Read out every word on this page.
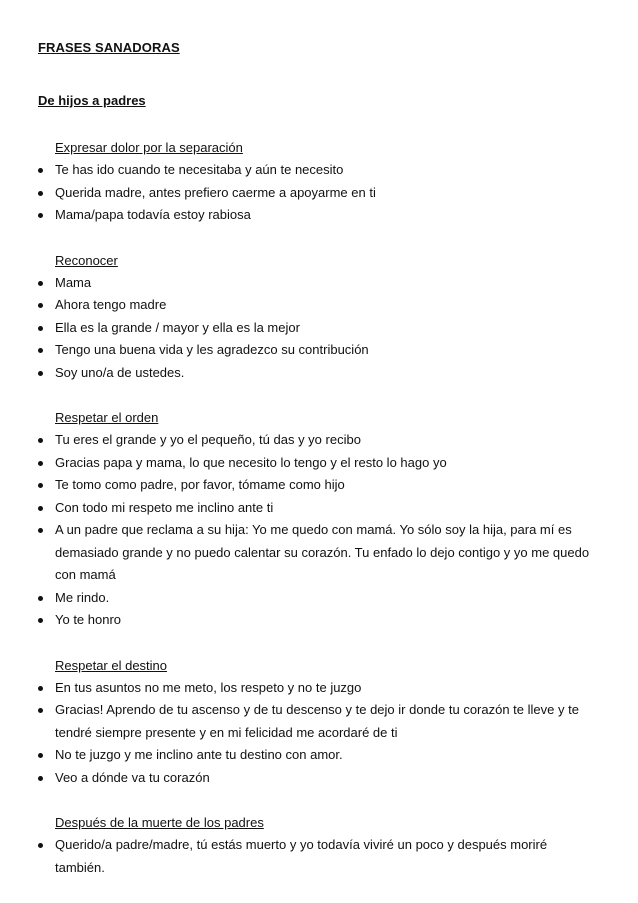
FRASES SANADORAS
De hijos a padres
Expresar dolor por la separación
Te has ido cuando te necesitaba y aún te necesito
Querida madre, antes prefiero caerme a apoyarme en ti
Mama/papa todavía estoy rabiosa
Reconocer
Mama
Ahora tengo madre
Ella es la grande / mayor y ella es la mejor
Tengo una buena vida y les agradezco su contribución
Soy uno/a de ustedes.
Respetar el orden
Tu eres el grande y yo el pequeño, tú das y yo recibo
Gracias papa y mama, lo que necesito lo tengo y el resto lo hago yo
Te tomo como padre, por favor, tómame como hijo
Con todo mi respeto me inclino ante ti
A un padre que reclama a su hija: Yo me quedo con mamá. Yo sólo soy la hija, para mí es demasiado grande y no puedo calentar su corazón. Tu enfado lo dejo contigo y yo me quedo con mamá
Me rindo.
Yo te honro
Respetar el destino
En tus asuntos no me meto, los respeto y no te juzgo
Gracias! Aprendo de tu ascenso y de tu descenso y te dejo ir donde tu corazón te lleve y te tendré siempre presente y en mi felicidad me acordaré de ti
No te juzgo y me inclino ante tu destino con amor.
Veo a dónde va tu corazón
Después de la muerte de los padres
Querido/a padre/madre, tú estás muerto y yo todavía viviré un poco y después moriré también.
